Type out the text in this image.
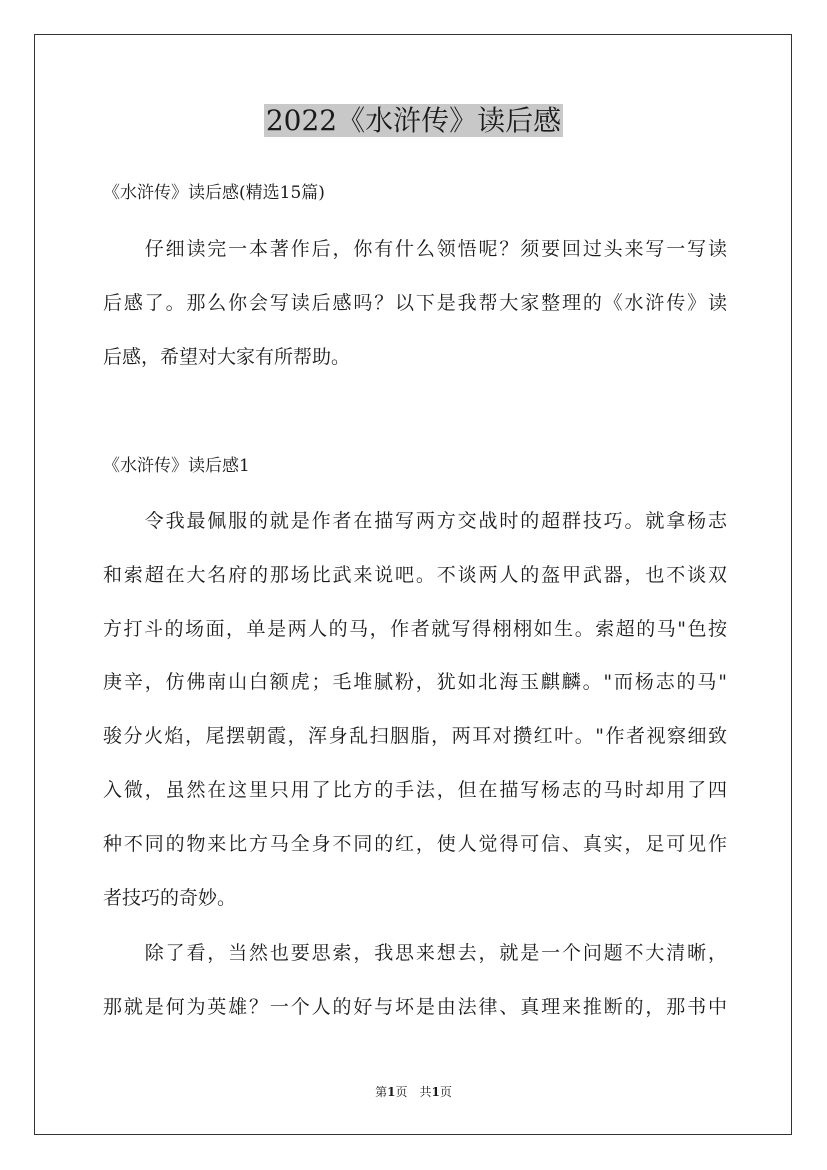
2022《水浒传》读后感

《水浒传》读后感(精选15篇)

　　仔细读完一本著作后，你有什么领悟呢？须要回过头来写一写读

后感了。那么你会写读后感吗？以下是我帮大家整理的《水浒传》读

后感，希望对大家有所帮助。

《水浒传》读后感1

　　令我最佩服的就是作者在描写两方交战时的超群技巧。就拿杨志

和索超在大名府的那场比武来说吧。不谈两人的盔甲武器，也不谈双

方打斗的场面，单是两人的马，作者就写得栩栩如生。索超的马"色按

庚辛，仿佛南山白额虎；毛堆腻粉，犹如北海玉麒麟。"而杨志的马"

骏分火焰，尾摆朝霞，浑身乱扫胭脂，两耳对攒红叶。"作者视察细致

入微，虽然在这里只用了比方的手法，但在描写杨志的马时却用了四

种不同的物来比方马全身不同的红，使人觉得可信、真实，足可见作

者技巧的奇妙。

　　除了看，当然也要思索，我思来想去，就是一个问题不大清晰，

那就是何为英雄？一个人的好与坏是由法律、真理来推断的，那书中

第1页　共1页
